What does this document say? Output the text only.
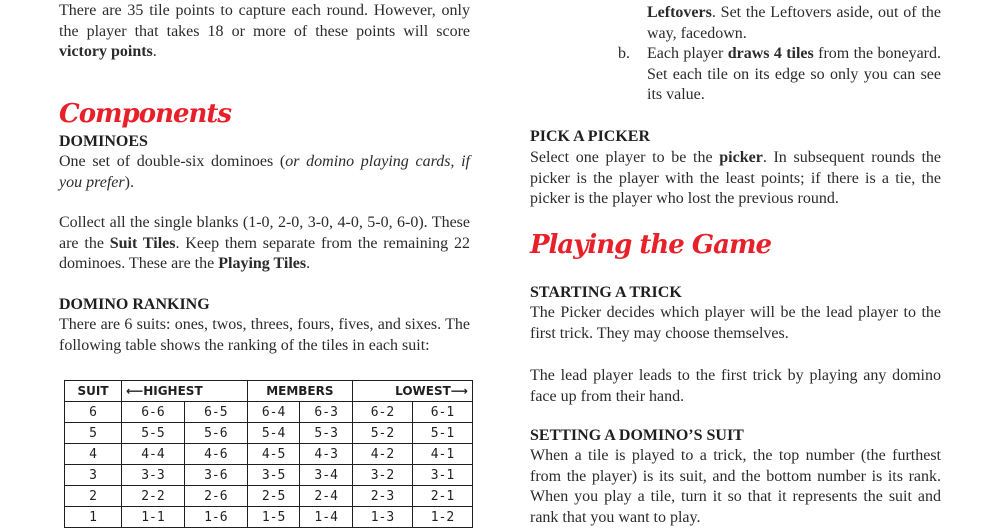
There are 35 tile points to capture each round. However, only the player that takes 18 or more of these points will score victory points.

Components
DOMINOES

One set of double-six dominoes (or domino playing cards, if you prefer).

Collect all the single blanks (1-0, 2-0, 3-0, 4-0, 5-0, 6-0). These are the Suit Tiles. Keep them separate from the remaining 22 dominoes. These are the Playing Tiles.

DOMINO RANKING

There are 6 suits: ones, twos, threes, fours, fives, and sixes. The following table shows the ranking of the tiles in each suit:

SUIT	⟵HIGHEST		MEMBERS		LOWEST⟶	
6	6-6	6-5	6-4	6-3	6-2	6-1
5	5-5	5-6	5-4	5-3	5-2	5-1
4	4-4	4-6	4-5	4-3	4-2	4-1
3	3-3	3-6	3-5	3-4	3-2	3-1
2	2-2	2-6	2-5	2-4	2-3	2-1
1	1-1	1-6	1-5	1-4	1-3	1-2
Leftovers. Set the Leftovers aside, out of the way, facedown.
b. Each player draws 4 tiles from the boneyard. Set each tile on its edge so only you can see its value.
PICK A PICKER

Select one player to be the picker. In subsequent rounds the picker is the player with the least points; if there is a tie, the picker is the player who lost the previous round.

Playing the Game
STARTING A TRICK

The Picker decides which player will be the lead player to the first trick. They may choose themselves.

The lead player leads to the first trick by playing any domino face up from their hand.

SETTING A DOMINO’S SUIT

When a tile is played to a trick, the top number (the furthest from the player) is its suit, and the bottom number is its rank. When you play a tile, turn it so that it represents the suit and rank that you want to play.
